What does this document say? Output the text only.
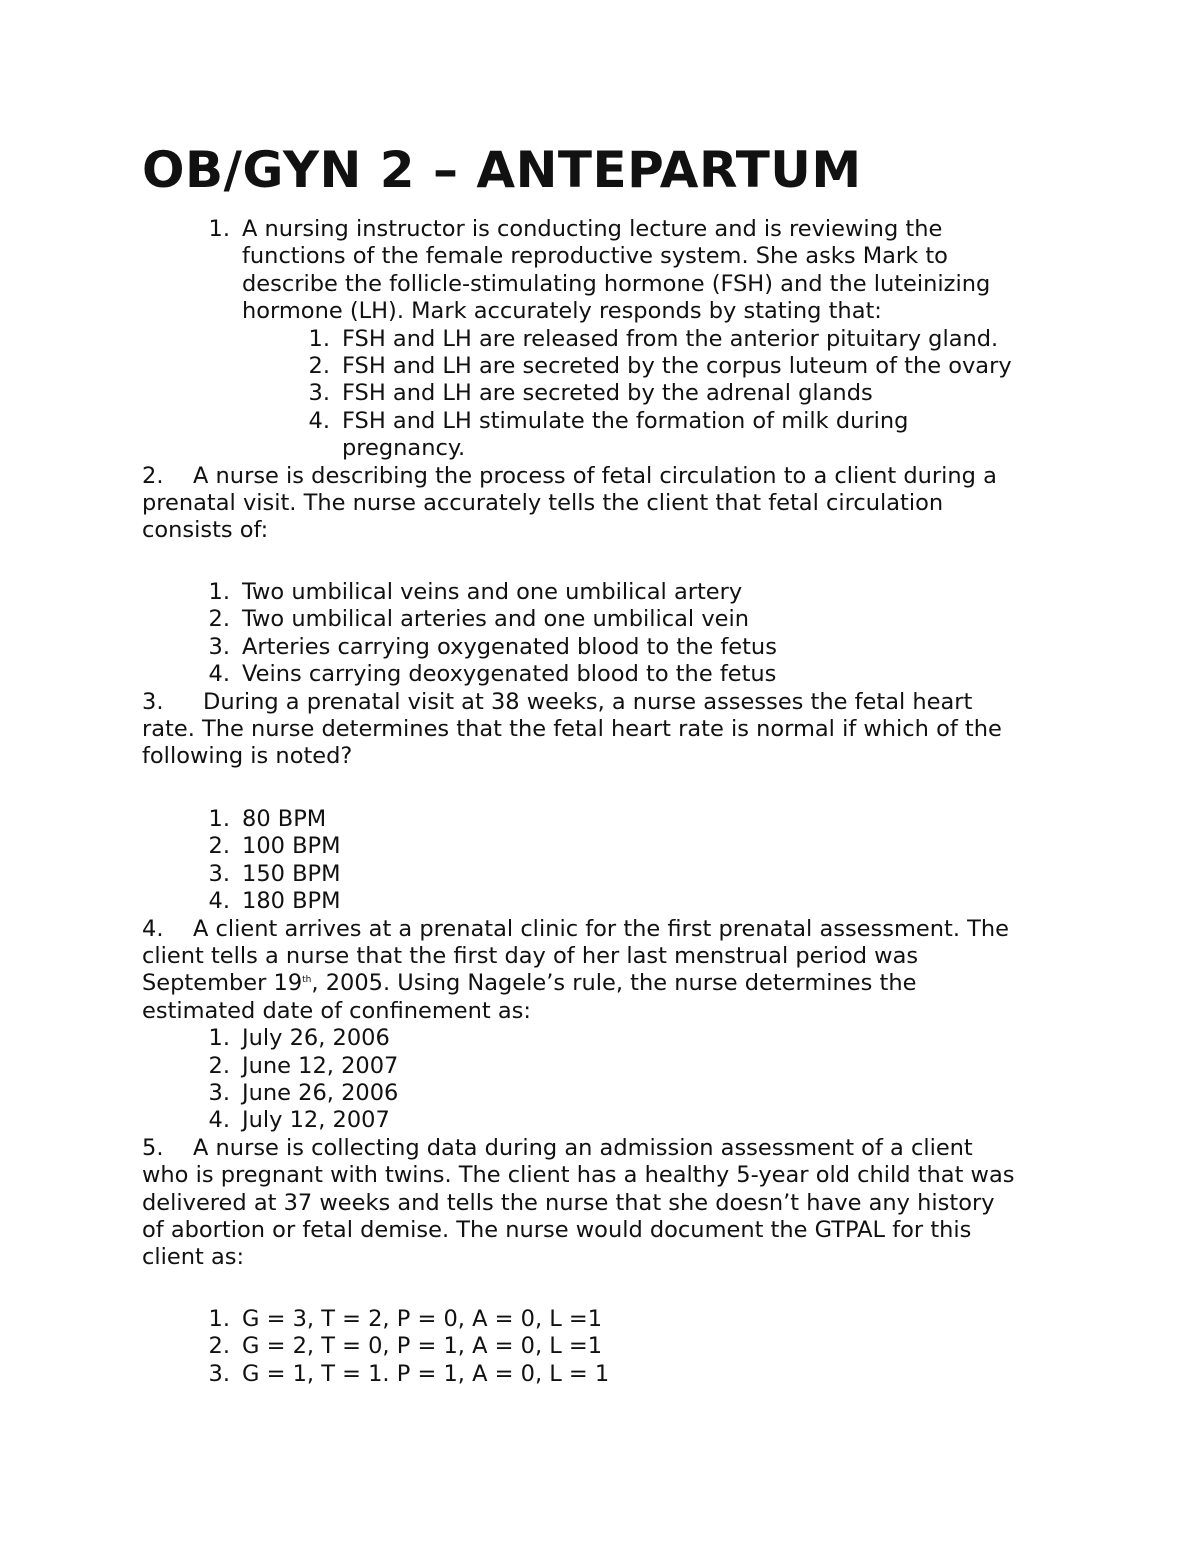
OB/GYN 2 – ANTEPARTUM
1. A nursing instructor is conducting lecture and is reviewing the
functions of the female reproductive system. She asks Mark to
describe the follicle-stimulating hormone (FSH) and the luteinizing
hormone (LH). Mark accurately responds by stating that:
1. FSH and LH are released from the anterior pituitary gland.
2. FSH and LH are secreted by the corpus luteum of the ovary
3. FSH and LH are secreted by the adrenal glands
4. FSH and LH stimulate the formation of milk during
pregnancy.
2. A nurse is describing the process of fetal circulation to a client during a
prenatal visit. The nurse accurately tells the client that fetal circulation
consists of:
1. Two umbilical veins and one umbilical artery
2. Two umbilical arteries and one umbilical vein
3. Arteries carrying oxygenated blood to the fetus
4. Veins carrying deoxygenated blood to the fetus
3. During a prenatal visit at 38 weeks, a nurse assesses the fetal heart
rate. The nurse determines that the fetal heart rate is normal if which of the
following is noted?
1. 80 BPM
2. 100 BPM
3. 150 BPM
4. 180 BPM
4. A client arrives at a prenatal clinic for the first prenatal assessment. The
client tells a nurse that the first day of her last menstrual period was
September 19th, 2005. Using Nagele’s rule, the nurse determines the
estimated date of confinement as:
1. July 26, 2006
2. June 12, 2007
3. June 26, 2006
4. July 12, 2007
5. A nurse is collecting data during an admission assessment of a client
who is pregnant with twins. The client has a healthy 5-year old child that was
delivered at 37 weeks and tells the nurse that she doesn’t have any history
of abortion or fetal demise. The nurse would document the GTPAL for this
client as:
1. G = 3, T = 2, P = 0, A = 0, L =1
2. G = 2, T = 0, P = 1, A = 0, L =1
3. G = 1, T = 1. P = 1, A = 0, L = 1
